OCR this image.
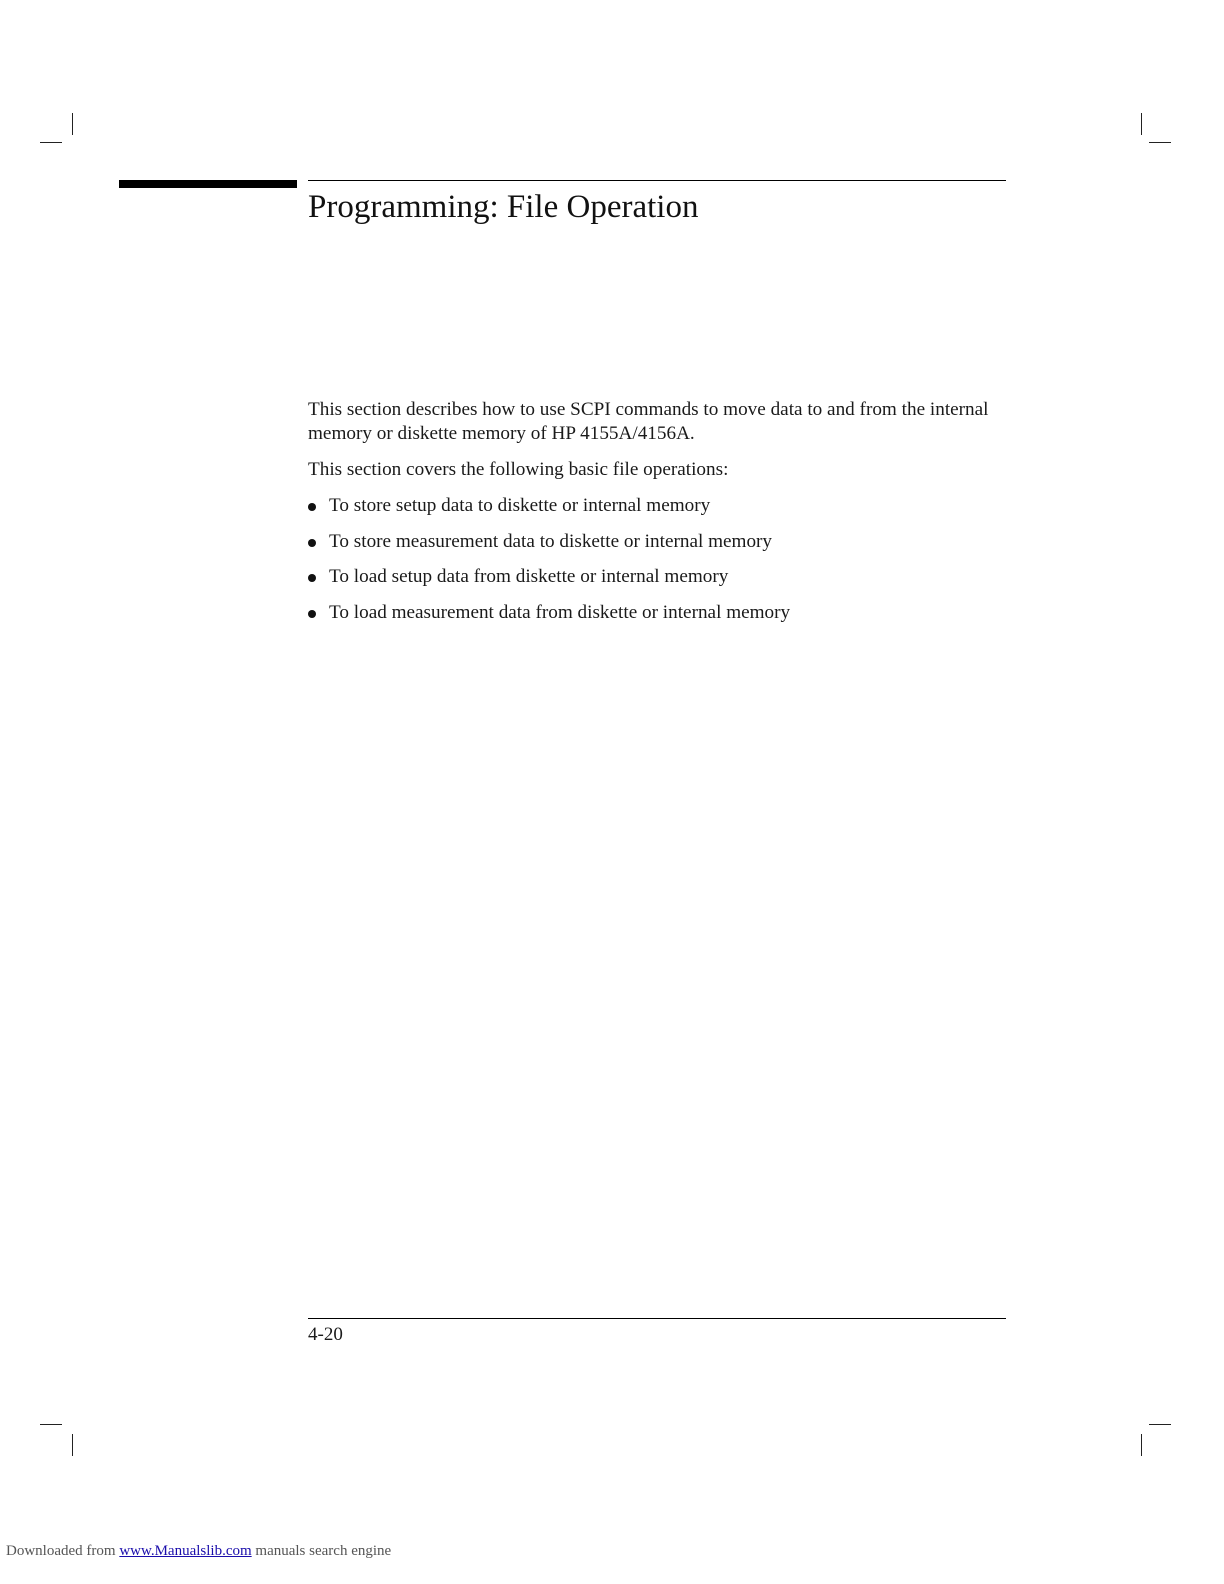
Programming: File Operation

This section describes how to use SCPI commands to move data to and from the internal memory or diskette memory of HP 4155A/4156A.

This section covers the following basic file operations:

To store setup data to diskette or internal memory
To store measurement data to diskette or internal memory
To load setup data from diskette or internal memory
To load measurement data from diskette or internal memory
4-20
Downloaded from www.Manualslib.com manuals search engine
